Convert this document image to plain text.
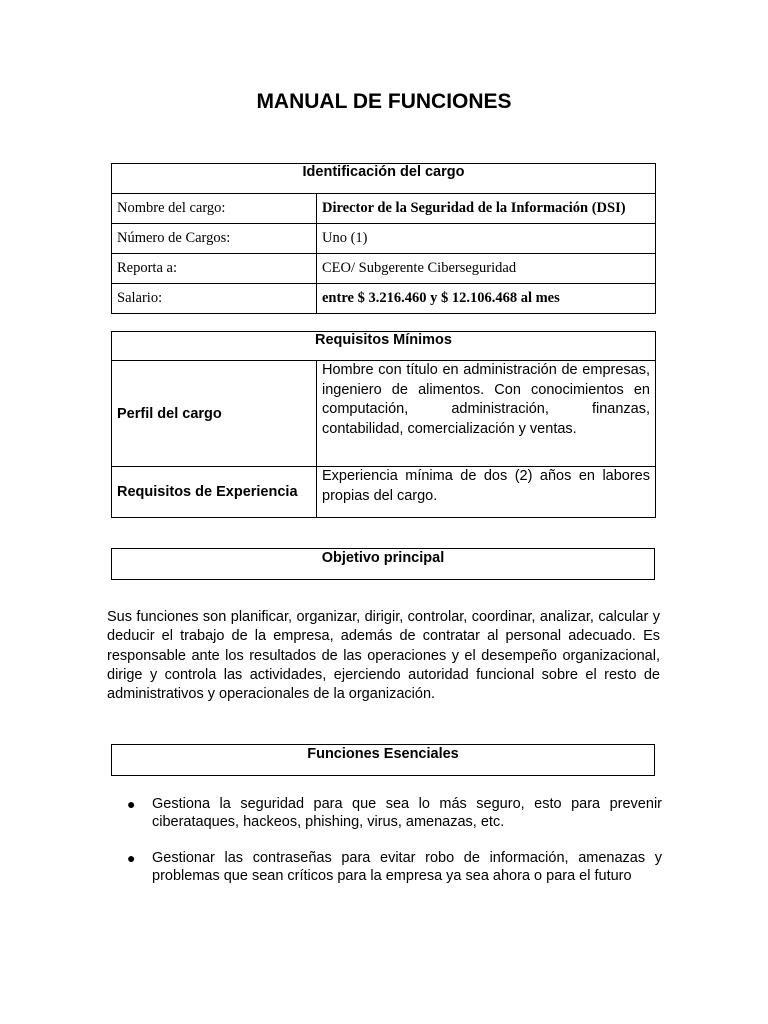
MANUAL DE FUNCIONES
Identificación del cargo	
Nombre del cargo:	Director de la Seguridad de la Información (DSI)
Número de Cargos:	Uno (1)
Reporta a:	CEO/ Subgerente Ciberseguridad
Salario:	entre $ 3.216.460 y $ 12.106.468 al mes
Requisitos Mínimos	
Perfil del cargo	Hombre con título en administración de empresas, ingeniero de alimentos. Con conocimientos en computación, administración, finanzas, contabilidad, comercialización y ventas.
Requisitos de Experiencia	Experiencia mínima de dos (2) años en labores propias del cargo.
Objetivo principal
Sus funciones son planificar, organizar, dirigir, controlar, coordinar, analizar, calcular y deducir el trabajo de la empresa, además de contratar al personal adecuado. Es responsable ante los resultados de las operaciones y el desempeño organizacional, dirige y controla las actividades, ejerciendo autoridad funcional sobre el resto de administrativos y operacionales de la organización.
Funciones Esenciales
● Gestiona la seguridad para que sea lo más seguro, esto para prevenir ciberataques, hackeos, phishing, virus, amenazas, etc.
● Gestionar las contraseñas para evitar robo de información, amenazas y problemas que sean críticos para la empresa ya sea ahora o para el futuro
